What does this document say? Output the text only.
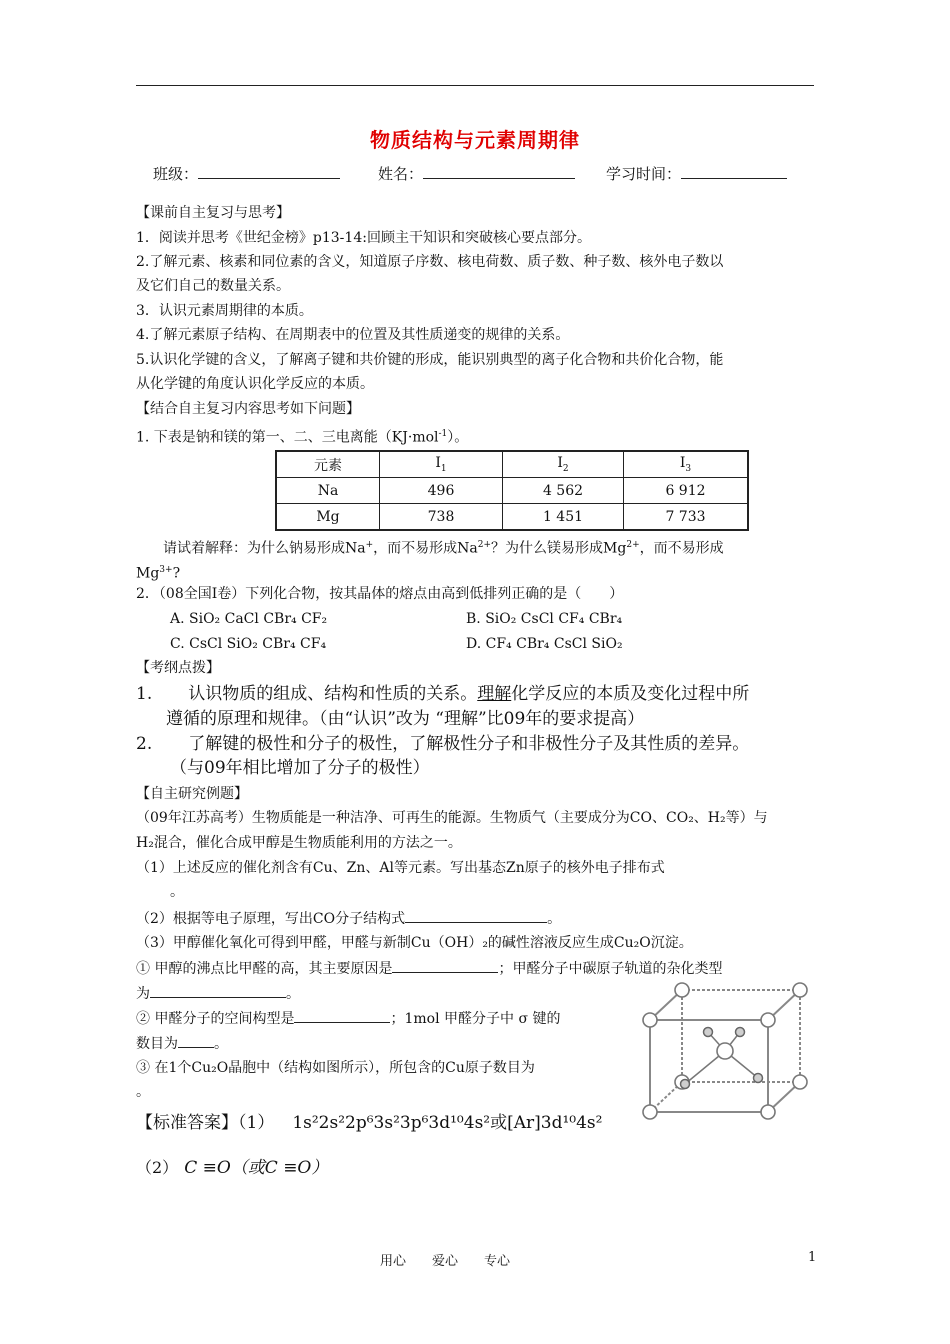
物质结构与元素周期律
班级：	姓名：	学习时间：
【课前自主复习与思考】
1．阅读并思考《世纪金榜》p13-14:回顾主干知识和突破核心要点部分。
2.了解元素、核素和同位素的含义，知道原子序数、核电荷数、质子数、种子数、核外电子数以
及它们自己的数量关系。
3．认识元素周期律的本质。
4.了解元素原子结构、在周期表中的位置及其性质递变的规律的关系。
5.认识化学键的含义，了解离子键和共价键的形成，能识别典型的离子化合物和共价化合物，能
从化学键的角度认识化学反应的本质。
【结合自主复习内容思考如下问题】
1. 下表是钠和镁的第一、二、三电离能（KJ·mol$^{-1}$）。
元素	$I_1$	$I_2$	$I_3$
Na	496	4 562	6 912
Mg	738	1 451	7 733
请试着解释：为什么钠易形成Na+，而不易形成$Na^{2+}$？为什么镁易形成$Mg^{2+}$，而不易形成
$Mg^{3+}$?
2．（08全国Ⅰ卷）下列化合物，按其晶体的熔点由高到低排列正确的是（　　）
A. SiO₂ CaCl CBr₄ CF₂	B. SiO₂ CsCl CF₄ CBr₄
C. CsCl SiO₂ CBr₄ CF₄	D. CF₄ CBr₄ CsCl SiO₂
【考纲点拨】
1. 认识物质的组成、结构和性质的关系。理解化学反应的本质及变化过程中所
遵循的原理和规律。（由“认识”改为 “理解”比09年的要求提高）
2. 了解键的极性和分子的极性，了解极性分子和非极性分子及其性质的差异。
（与09年相比增加了分子的极性）
【自主研究例题】
（09年江苏高考）生物质能是一种洁净、可再生的能源。生物质气（主要成分为CO、CO₂、H₂等）与
H₂混合，催化合成甲醇是生物质能利用的方法之一。
（1）上述反应的催化剂含有Cu、Zn、Al等元素。写出基态Zn原子的核外电子排布式
。
（2）根据等电子原理，写出CO分子结构式	。
（3）甲醇催化氧化可得到甲醛，甲醛与新制Cu（OH）₂的碱性溶液反应生成Cu₂O沉淀。
① 甲醇的沸点比甲醛的高，其主要原因是	；甲醛分子中碳原子轨道的杂化类型
为	。
② 甲醛分子的空间构型是	；1mol 甲醛分子中 σ 键的
数目为	。
③ 在1个Cu₂O晶胞中（结构如图所示），所包含的Cu原子数目为
。
【标准答案】（1） 1s²2s²2p⁶3s²3p⁶3d¹⁰4s²或[Ar]3d¹⁰4s²
（2） C ≡O（或C ≡O）
用心　　爱心　　专心	1
